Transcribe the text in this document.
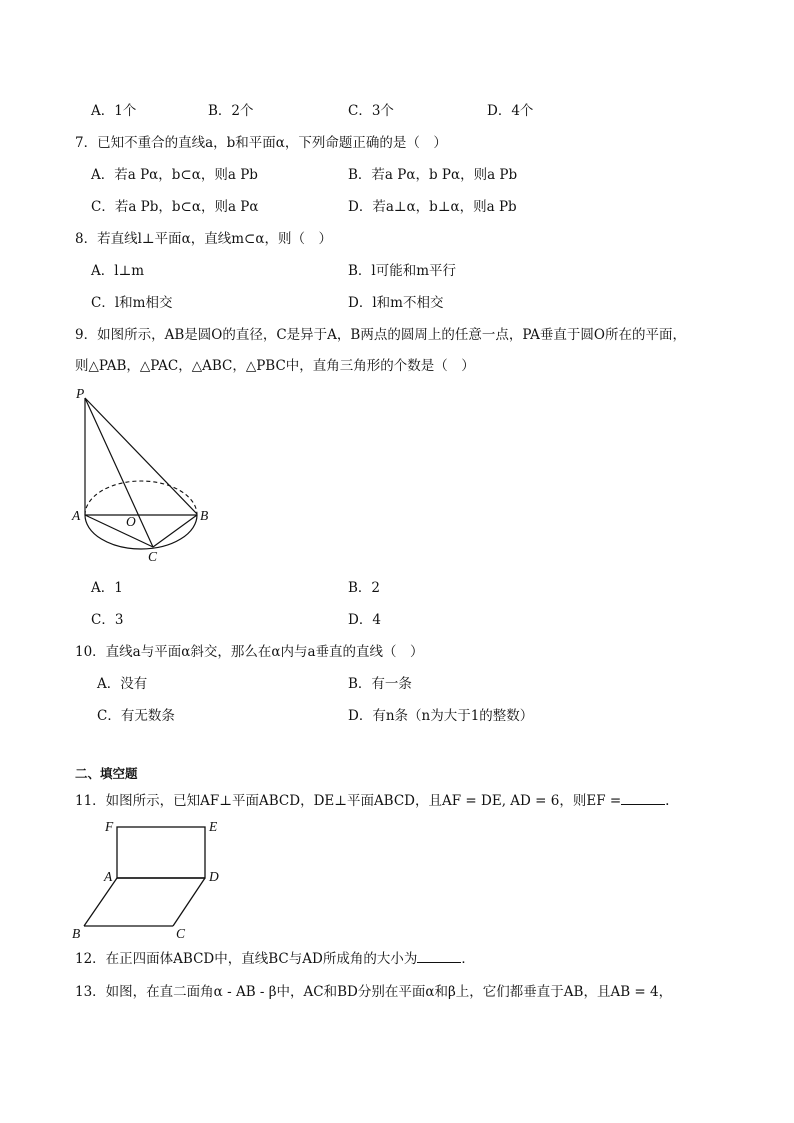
A．1个	B．2个	C．3个	D．4个
7．已知不重合的直线a，b和平面α，下列命题正确的是（　）
A．若a Pα，b⊂α，则a Pb	B．若a Pα，b Pα，则a Pb
C．若a Pb，b⊂α，则a Pα	D．若a⊥α，b⊥α，则a Pb
8．若直线l⊥平面α，直线m⊂α，则（　）
A．l⊥m	B．l可能和m平行
C．l和m相交	D．l和m不相交
9．如图所示，AB是圆O的直径，C是异于A，B两点的圆周上的任意一点，PA垂直于圆O所在的平面，
则△PAB，△PAC，△ABC，△PBC中，直角三角形的个数是（　）
P
A	O	B
C
A．1	B．2
C．3	D．4
10．直线a与平面α斜交，那么在α内与a垂直的直线（　）
A．没有	B．有一条
C．有无数条	D．有n条（n为大于1的整数）
二、填空题
11．如图所示，已知AF⊥平面ABCD，DE⊥平面ABCD，且AF = DE, AD = 6，则EF =	.
F	E
A	D
B	C
12．在正四面体ABCD中，直线BC与AD所成角的大小为	．
13．如图，在直二面角α - AB - β中，AC和BD分别在平面α和β上，它们都垂直于AB，且AB = 4，
